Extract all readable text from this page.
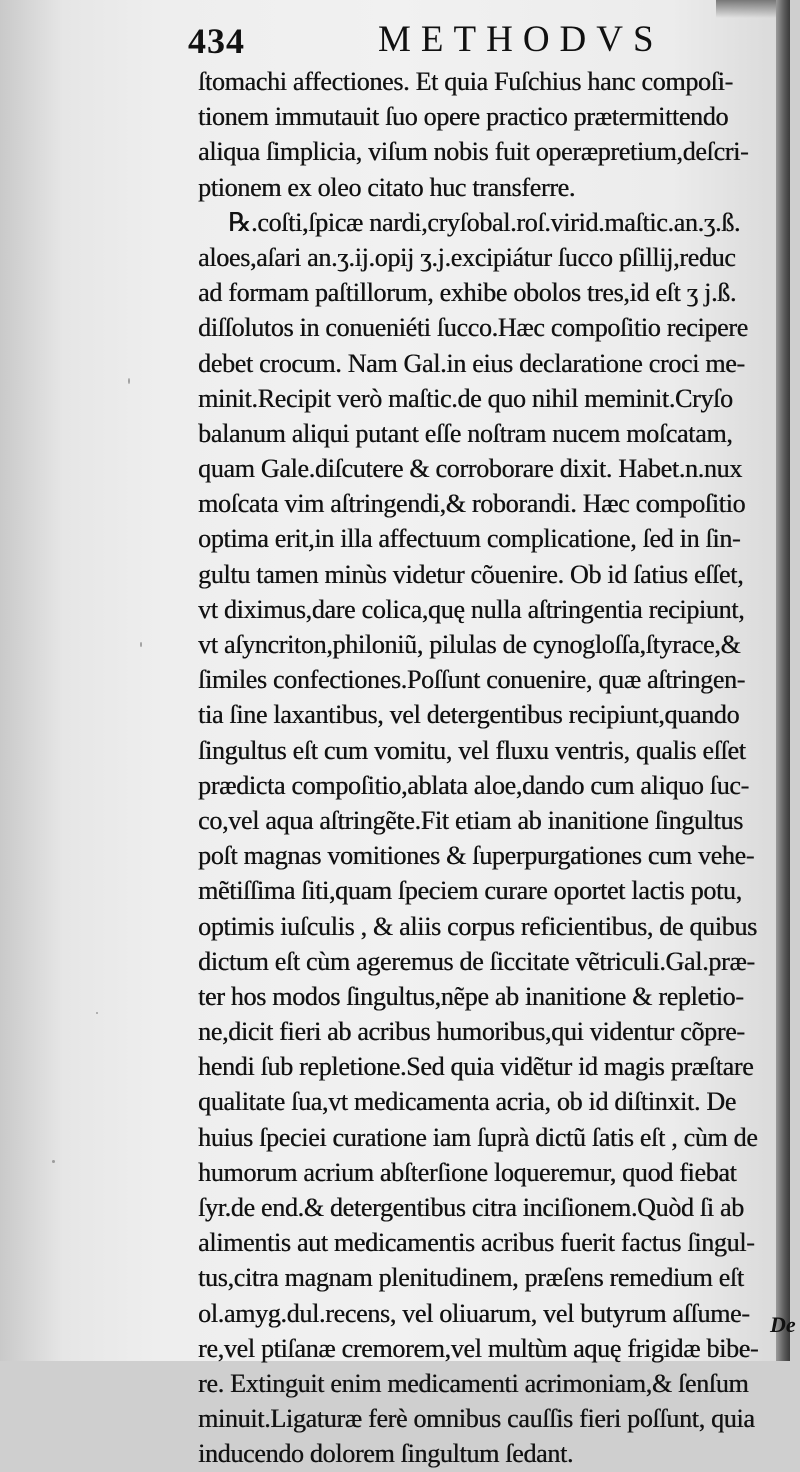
434	METHODVS
ſtomachi affectiones. Et quia Fuſchius hanc compoſi-
tionem immutauit ſuo opere practico prætermittendo
aliqua ſimplicia, viſum nobis fuit operæpretium,deſcri-
ptionem ex oleo citato huc transferre.
℞.coſti,ſpicæ nardi,cryſobal.roſ.virid.maſtic.an.ʒ.ß.
aloes,aſari an.ʒ.ij.opij ʒ.j.excipiátur ſucco pſillij,reduc
ad formam paſtillorum, exhibe obolos tres,id eſt ʒ j.ß.
diſſolutos in conueniéti ſucco.Hæc compoſitio recipere
debet crocum. Nam Gal.in eius declaratione croci me-
minit.Recipit verò maſtic.de quo nihil meminit.Cryſo
balanum aliqui putant eſſe noſtram nucem moſcatam,
quam Gale.diſcutere & corroborare dixit. Habet.n.nux
moſcata vim aſtringendi,& roborandi. Hæc compoſitio
optima erit,in illa affectuum complicatione, ſed in ſin-
gultu tamen minùs videtur cõuenire. Ob id ſatius eſſet,
vt diximus,dare colica,quę nulla aſtringentia recipiunt,
vt aſyncriton,philoniũ, pilulas de cynogloſſa,ſtyrace,&
ſimiles confectiones.Poſſunt conuenire, quæ aſtringen-
tia ſine laxantibus, vel detergentibus recipiunt,quando
ſingultus eſt cum vomitu, vel fluxu ventris, qualis eſſet
prædicta compoſitio,ablata aloe,dando cum aliquo ſuc-
co,vel aqua aſtringẽte.Fit etiam ab inanitione ſingultus
poſt magnas vomitiones & ſuperpurgationes cum vehe-
mẽtiſſima ſiti,quam ſpeciem curare oportet lactis potu,
optimis iuſculis , & aliis corpus reficientibus, de quibus
dictum eſt cùm ageremus de ſiccitate vẽtriculi.Gal.præ-
ter hos modos ſingultus,nẽpe ab inanitione & repletio-
ne,dicit fieri ab acribus humoribus,qui videntur cõpre-
hendi ſub repletione.Sed quia vidẽtur id magis præſtare
qualitate ſua,vt medicamenta acria, ob id diſtinxit. De
huius ſpeciei curatione iam ſuprà dictũ ſatis eſt , cùm de
humorum acrium abſterſione loqueremur, quod fiebat
ſyr.de end.& detergentibus citra inciſionem.Quòd ſi ab
alimentis aut medicamentis acribus fuerit factus ſingul-
tus,citra magnam plenitudinem, præſens remedium eſt
ol.amyg.dul.recens, vel oliuarum, vel butyrum aſſume-
re,vel ptiſanæ cremorem,vel multùm aquę frigidæ bibe-
re. Extinguit enim medicamenti acrimoniam,& ſenſum
minuit.Ligaturæ ferè omnibus cauſſis fieri poſſunt, quia
inducendo dolorem ſingultum ſedant.
De
